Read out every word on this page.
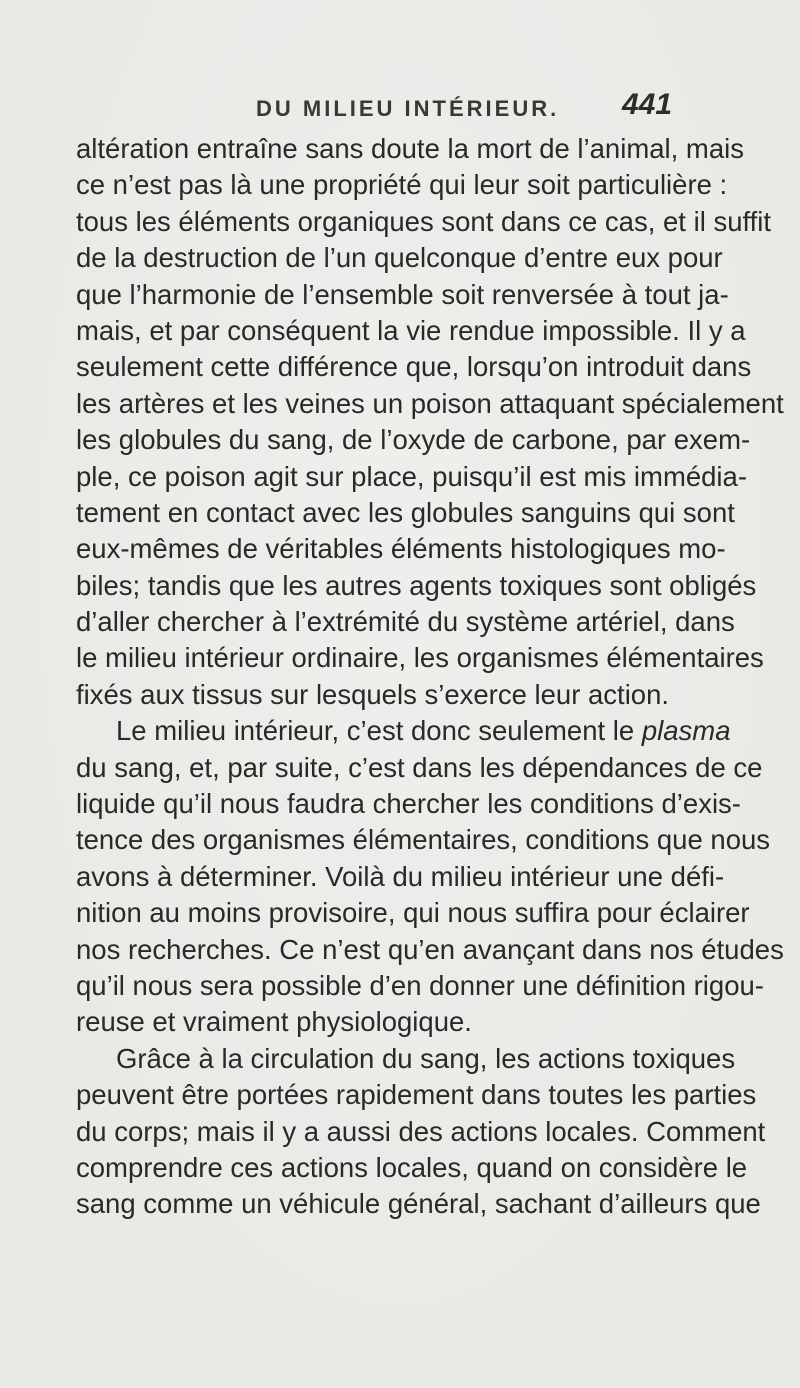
DU MILIEU INTÉRIEUR. 441
altération entraîne sans doute la mort de l’animal, mais
ce n’est pas là une propriété qui leur soit particulière :
tous les éléments organiques sont dans ce cas, et il suffit
de la destruction de l’un quelconque d’entre eux pour
que l’harmonie de l’ensemble soit renversée à tout ja-
mais, et par conséquent la vie rendue impossible. Il y a
seulement cette différence que, lorsqu’on introduit dans
les artères et les veines un poison attaquant spécialement
les globules du sang, de l’oxyde de carbone, par exem-
ple, ce poison agit sur place, puisqu’il est mis immédia-
tement en contact avec les globules sanguins qui sont
eux-mêmes de véritables éléments histologiques mo-
biles; tandis que les autres agents toxiques sont obligés
d’aller chercher à l’extrémité du système artériel, dans
le milieu intérieur ordinaire, les organismes élémentaires
fixés aux tissus sur lesquels s’exerce leur action.
Le milieu intérieur, c’est donc seulement le plasma
du sang, et, par suite, c’est dans les dépendances de ce
liquide qu’il nous faudra chercher les conditions d’exis-
tence des organismes élémentaires, conditions que nous
avons à déterminer. Voilà du milieu intérieur une défi-
nition au moins provisoire, qui nous suffira pour éclairer
nos recherches. Ce n’est qu’en avançant dans nos études
qu’il nous sera possible d’en donner une définition rigou-
reuse et vraiment physiologique.
Grâce à la circulation du sang, les actions toxiques
peuvent être portées rapidement dans toutes les parties
du corps; mais il y a aussi des actions locales. Comment
comprendre ces actions locales, quand on considère le
sang comme un véhicule général, sachant d’ailleurs que
